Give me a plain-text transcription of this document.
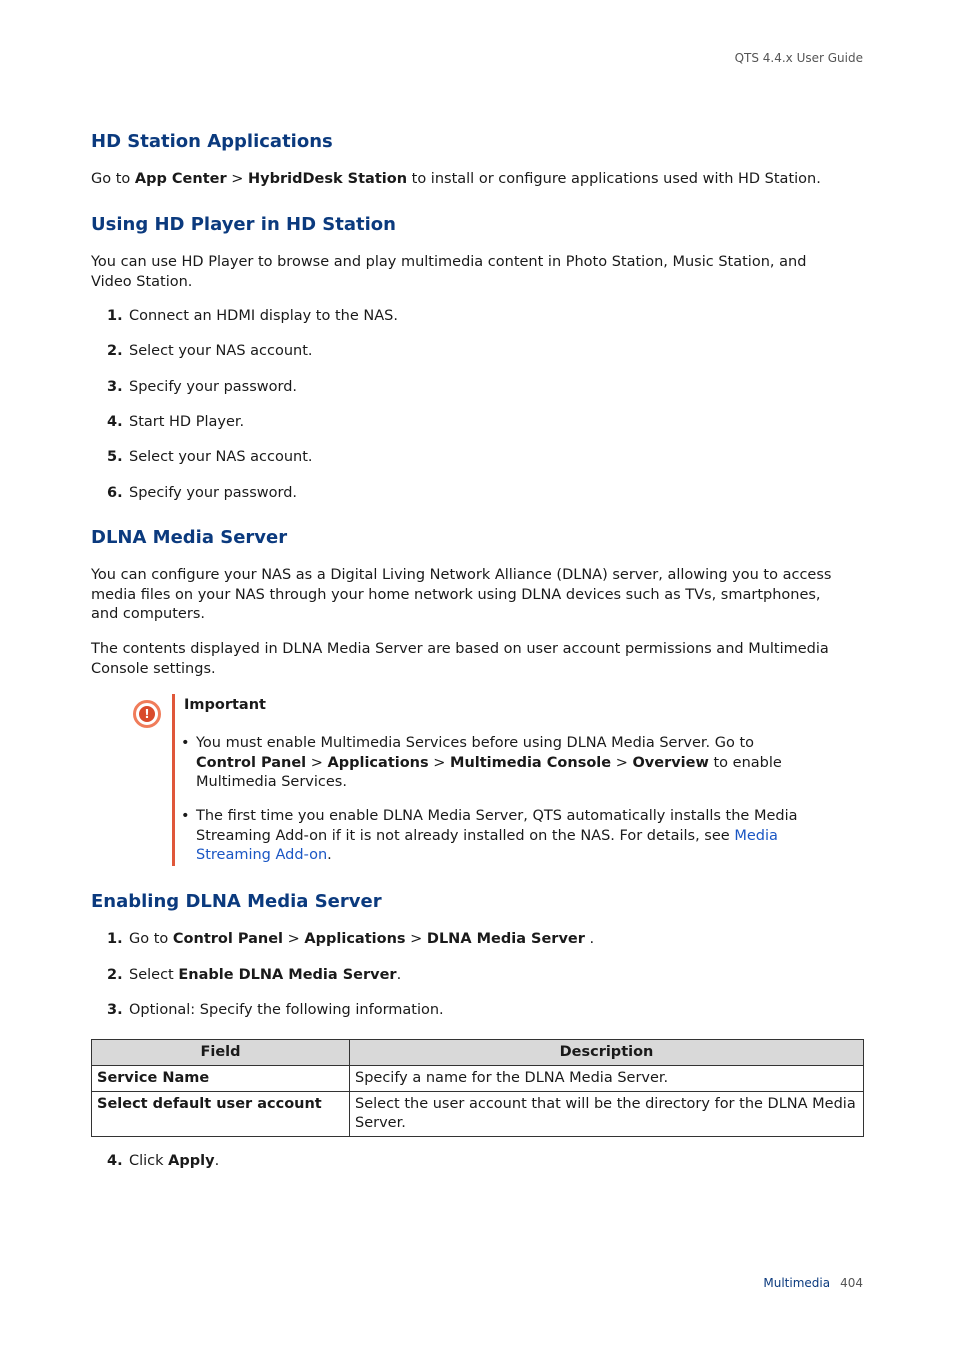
QTS 4.4.x User Guide
HD Station Applications

Go to App Center > HybridDesk Station to install or configure applications used with HD Station.

Using HD Player in HD Station

You can use HD Player to browse and play multimedia content in Photo Station, Music Station, and Video Station.

1. Connect an HDMI display to the NAS.
2. Select your NAS account.
3. Specify your password.
4. Start HD Player.
5. Select your NAS account.
6. Specify your password.
DLNA Media Server

You can configure your NAS as a Digital Living Network Alliance (DLNA) server, allowing you to access media files on your NAS through your home network using DLNA devices such as TVs, smartphones, and computers.

The contents displayed in DLNA Media Server are based on user account permissions and Multimedia Console settings.

!
Important
• You must enable Multimedia Services before using DLNA Media Server. Go to Control Panel > Applications > Multimedia Console > Overview to enable Multimedia Services.
• The first time you enable DLNA Media Server, QTS automatically installs the Media Streaming Add-on if it is not already installed on the NAS. For details, see Media Streaming Add-on.
Enabling DLNA Media Server
1. Go to Control Panel > Applications > DLNA Media Server .
2. Select Enable DLNA Media Server.
3. Optional: Specify the following information.
Field	Description
Service Name	Specify a name for the DLNA Media Server.
Select default user account	Select the user account that will be the directory for the DLNA Media Server.
4. Click Apply.
Multimedia 404
